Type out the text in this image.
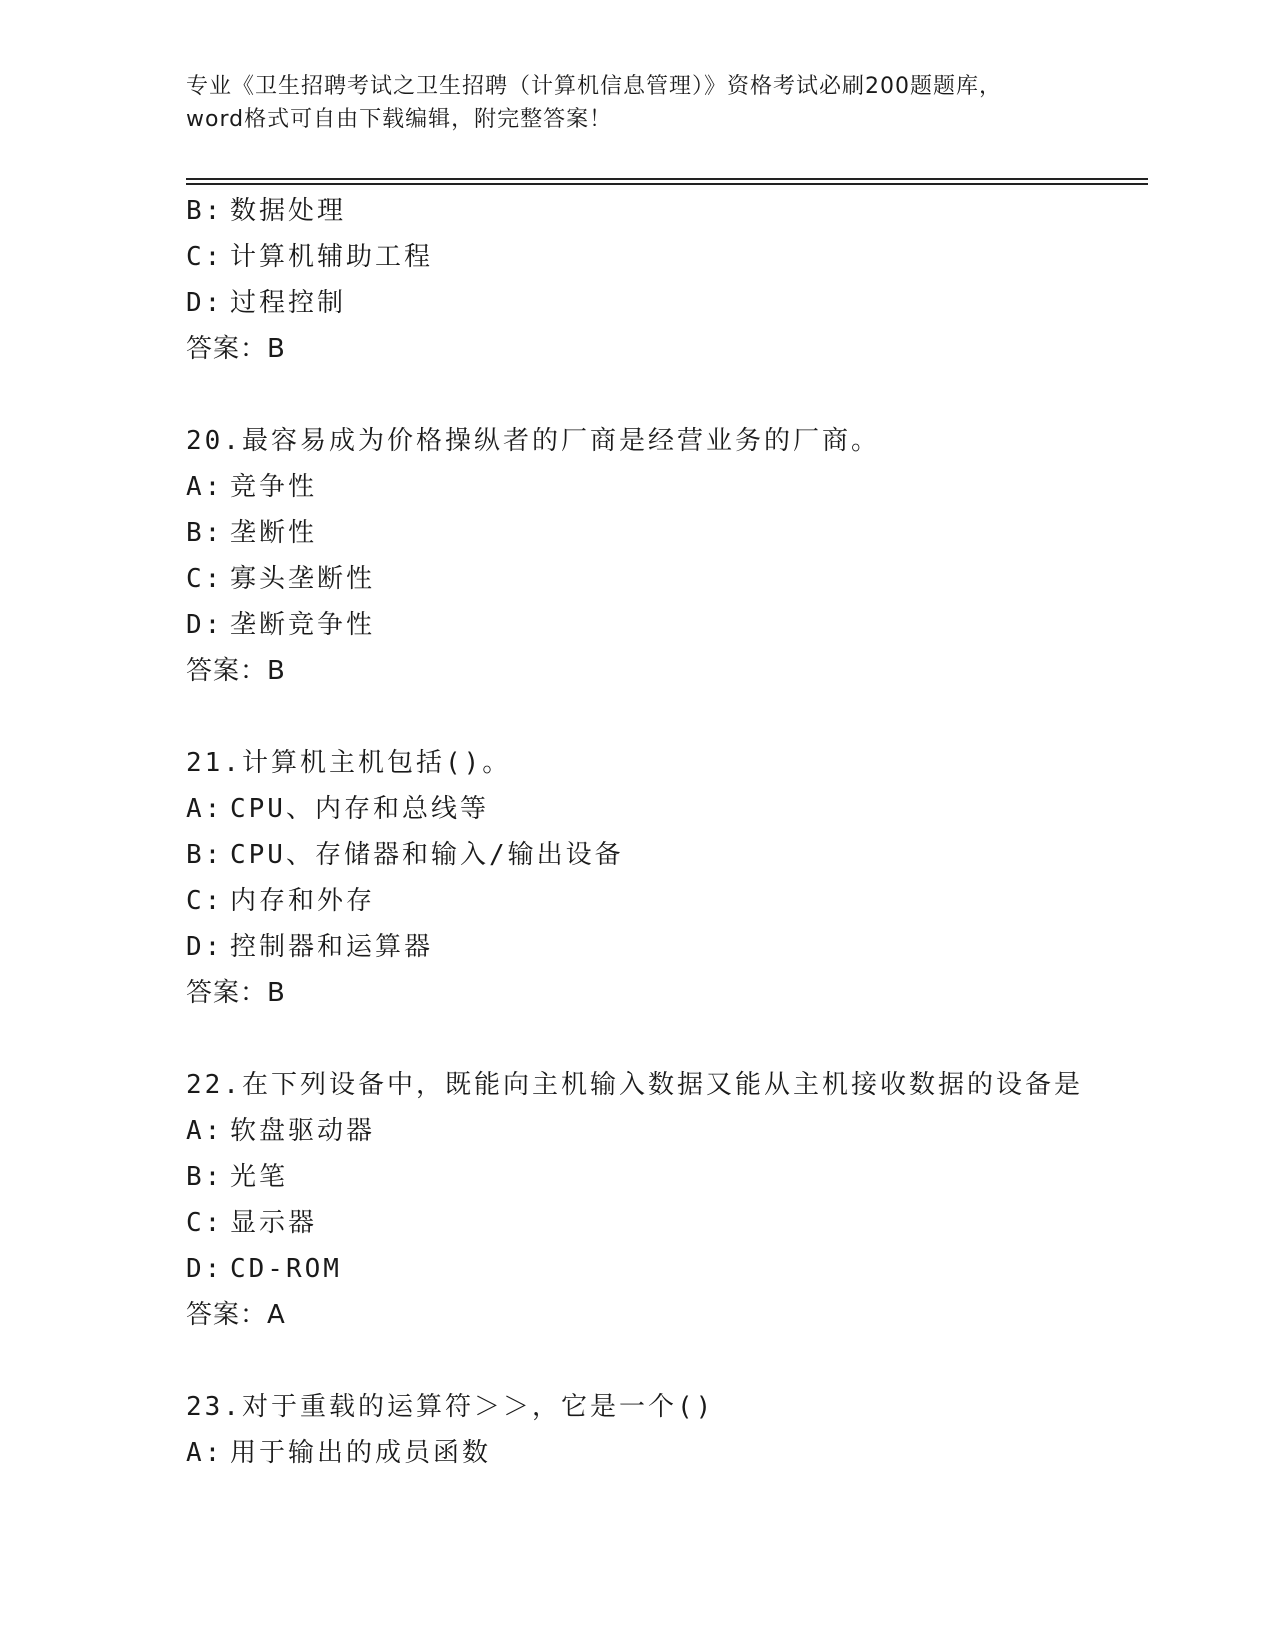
专业《卫生招聘考试之卫生招聘（计算机信息管理）》资格考试必刷200题题库，
word格式可自由下载编辑，附完整答案！
B: 数据处理
C: 计算机辅助工程
D: 过程控制
答案：B
20.最容易成为价格操纵者的厂商是经营业务的厂商。
A: 竞争性
B: 垄断性
C: 寡头垄断性
D: 垄断竞争性
答案：B
21.计算机主机包括()。
A: CPU、内存和总线等
B: CPU、存储器和输入/输出设备
C: 内存和外存
D: 控制器和运算器
答案：B
22.在下列设备中，既能向主机输入数据又能从主机接收数据的设备是
A: 软盘驱动器
B: 光笔
C: 显示器
D: CD-ROM
答案：A
23.对于重载的运算符＞＞，它是一个()
A: 用于输出的成员函数
